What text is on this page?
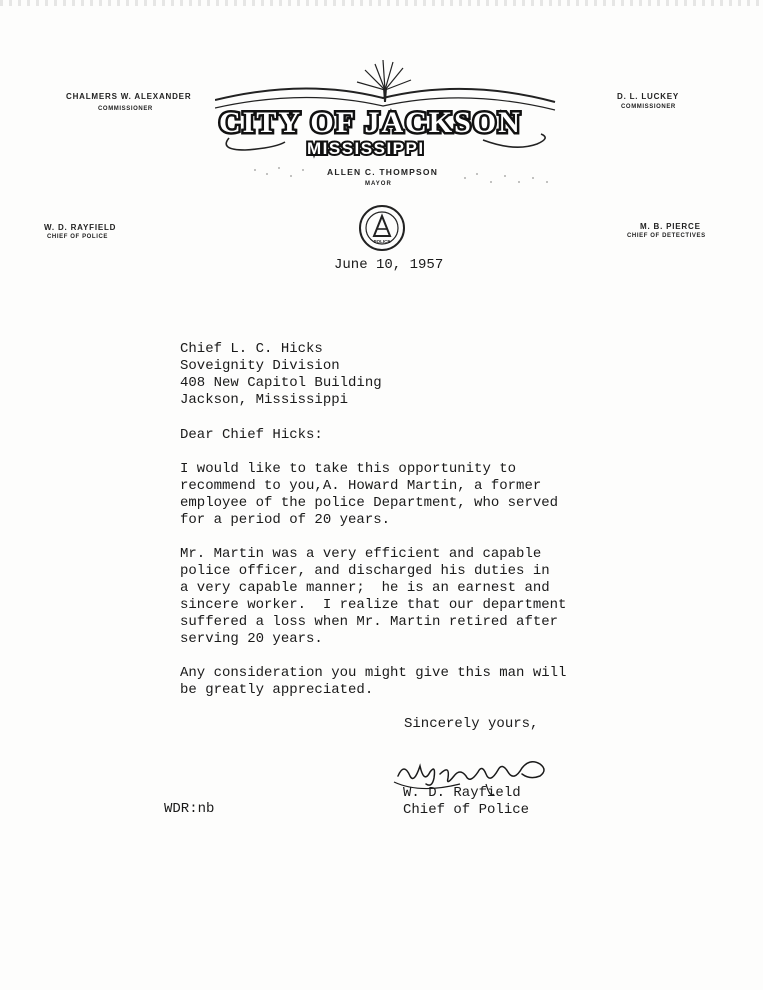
CHALMERS W. ALEXANDER
COMMISSIONER
D. L. LUCKEY
COMMISSIONER
W. D. RAYFIELD
CHIEF OF POLICE
M. B. PIERCE
CHIEF OF DETECTIVES
CITY OF JACKSON
MISSISSIPPI
ALLEN C. THOMPSON
MAYOR
POLICE
June 10, 1957
Chief L. C. Hicks
Soveignity Division
408 New Capitol Building
Jackson, Mississippi
Dear Chief Hicks:
I would like to take this opportunity to
recommend to you,A. Howard Martin, a former
employee of the police Department, who served
for a period of 20 years.
Mr. Martin was a very efficient and capable
police officer, and discharged his duties in
a very capable manner;  he is an earnest and
sincere worker.  I realize that our department
suffered a loss when Mr. Martin retired after
serving 20 years.
Any consideration you might give this man will
be greatly appreciated.
Sincerely yours,
W. D. Rayfield
Chief of Police
WDR:nb
